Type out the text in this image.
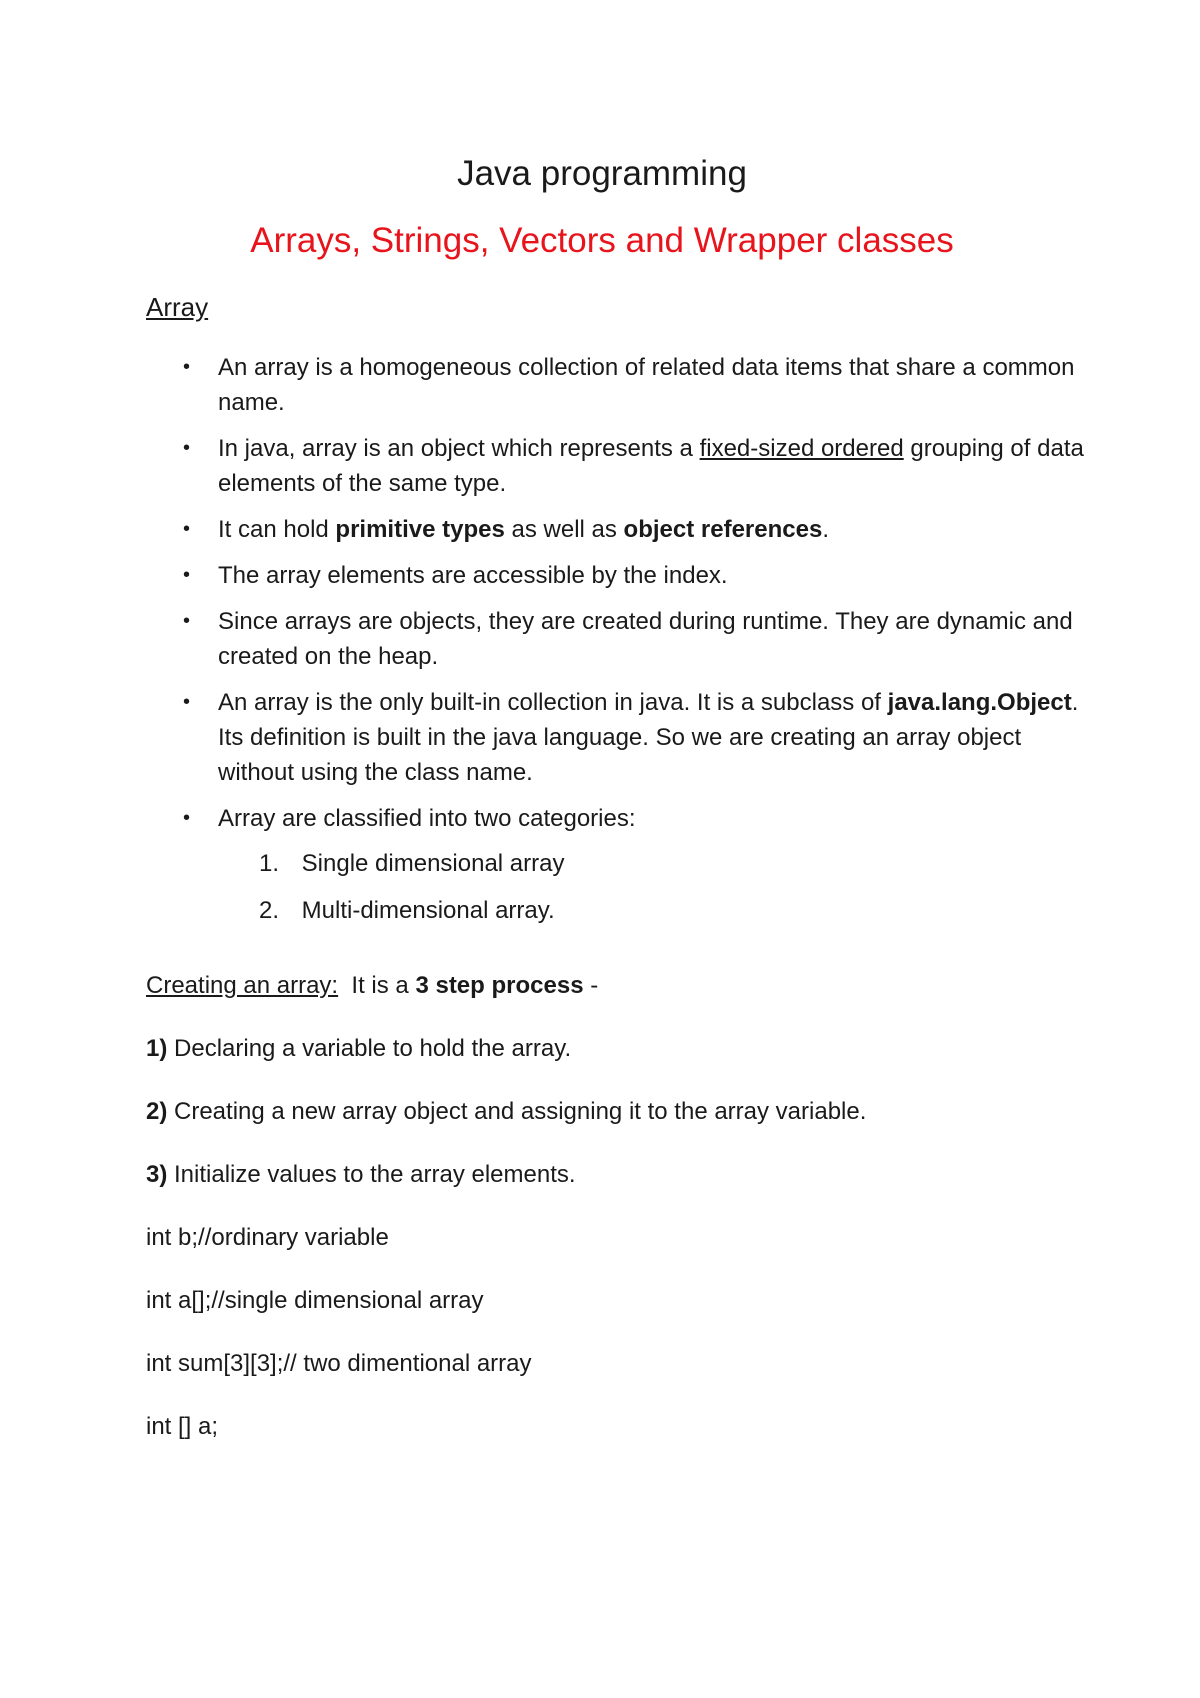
Java programming
Arrays, Strings, Vectors and Wrapper classes
Array
• An array is a homogeneous collection of related data items that share a common name.
• In java, array is an object which represents a fixed-sized ordered grouping of data elements of the same type.
• It can hold primitive types as well as object references.
• The array elements are accessible by the index.
• Since arrays are objects, they are created during runtime. They are dynamic and created on the heap.
• An array is the only built-in collection in java. It is a subclass of java.lang.Object. Its definition is built in the java language. So we are creating an array object without using the class name.
• Array are classified into two categories:
1. Single dimensional array
2. Multi-dimensional array.
Creating an array:  It is a 3 step process -
1) Declaring a variable to hold the array.
2) Creating a new array object and assigning it to the array variable.
3) Initialize values to the array elements.
int b;//ordinary variable
int a[];//single dimensional array
int sum[3][3];// two dimentional array
int [] a;
